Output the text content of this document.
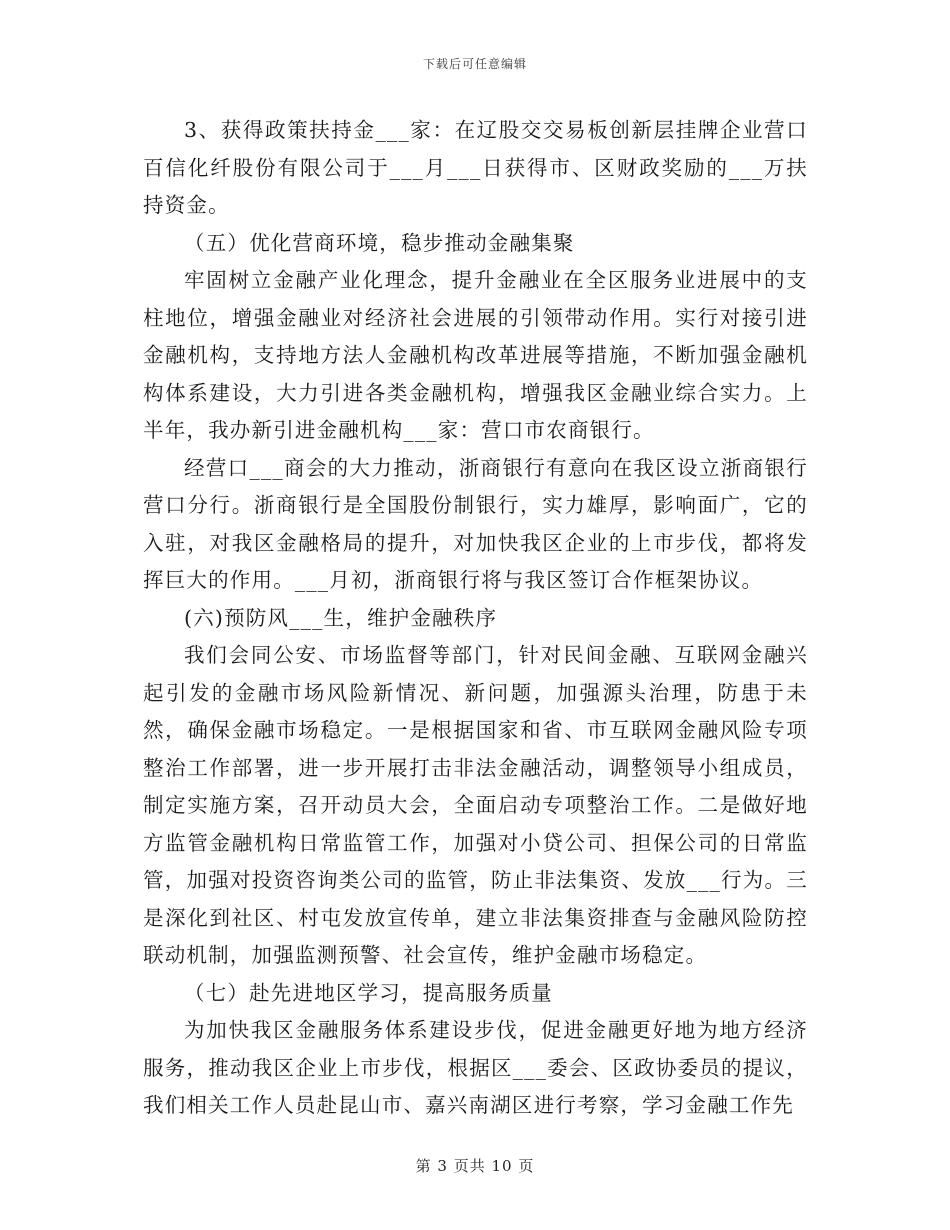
下载后可任意编辑

3、获得政策扶持金___家：在辽股交交易板创新层挂牌企业营口百信化纤股份有限公司于___月___日获得市、区财政奖励的___万扶持资金。

（五）优化营商环境，稳步推动金融集聚

牢固树立金融产业化理念，提升金融业在全区服务业进展中的支柱地位，增强金融业对经济社会进展的引领带动作用。实行对接引进金融机构，支持地方法人金融机构改革进展等措施，不断加强金融机构体系建设，大力引进各类金融机构，增强我区金融业综合实力。上半年，我办新引进金融机构___家：营口市农商银行。

经营口___商会的大力推动，浙商银行有意向在我区设立浙商银行营口分行。浙商银行是全国股份制银行，实力雄厚，影响面广，它的入驻，对我区金融格局的提升，对加快我区企业的上市步伐，都将发挥巨大的作用。___月初，浙商银行将与我区签订合作框架协议。

(六)预防风___生，维护金融秩序

我们会同公安、市场监督等部门，针对民间金融、互联网金融兴起引发的金融市场风险新情况、新问题，加强源头治理，防患于未然，确保金融市场稳定。一是根据国家和省、市互联网金融风险专项整治工作部署，进一步开展打击非法金融活动，调整领导小组成员，制定实施方案，召开动员大会，全面启动专项整治工作。二是做好地方监管金融机构日常监管工作，加强对小贷公司、担保公司的日常监管，加强对投资咨询类公司的监管，防止非法集资、发放___行为。三是深化到社区、村屯发放宣传单，建立非法集资排查与金融风险防控联动机制，加强监测预警、社会宣传，维护金融市场稳定。

（七）赴先进地区学习，提高服务质量

为加快我区金融服务体系建设步伐，促进金融更好地为地方经济服务，推动我区企业上市步伐，根据区___委会、区政协委员的提议，我们相关工作人员赴昆山市、嘉兴南湖区进行考察，学习金融工作先

第 3 页共 10 页
